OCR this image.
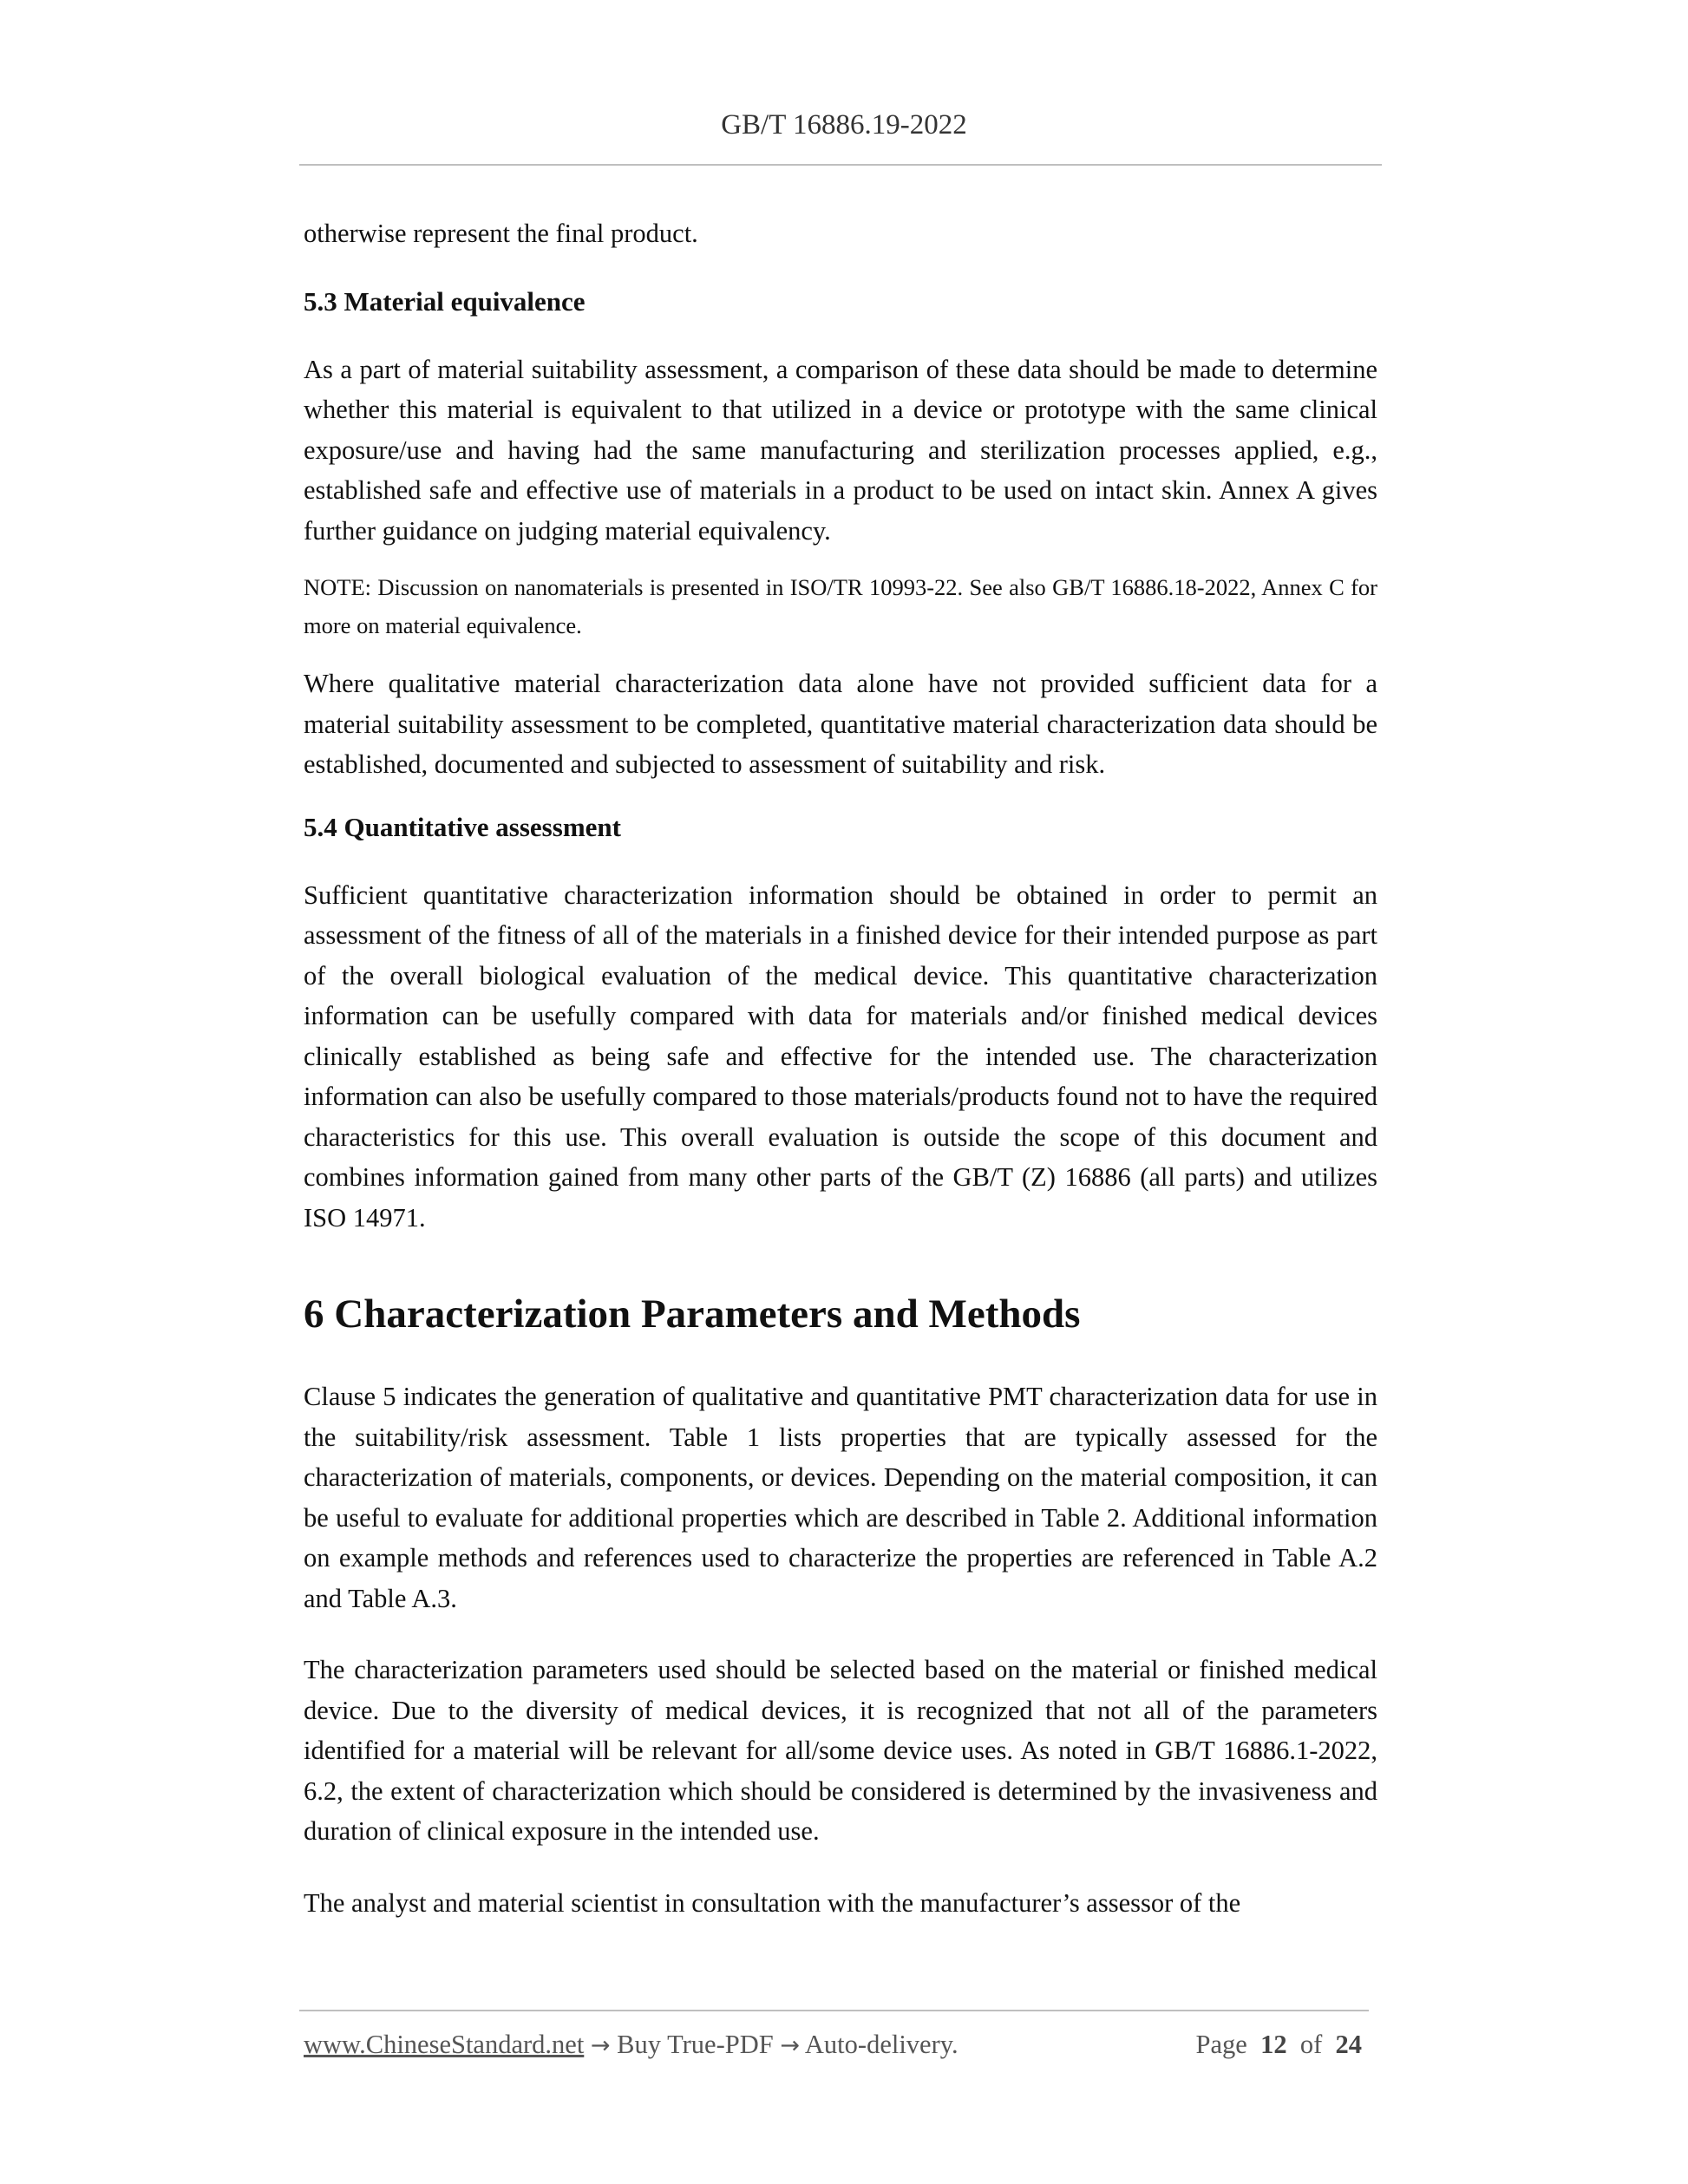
GB/T 16886.19-2022

otherwise represent the final product.

5.3 Material equivalence

As a part of material suitability assessment, a comparison of these data should be made to determine whether this material is equivalent to that utilized in a device or prototype with the same clinical exposure/use and having had the same manufacturing and sterilization processes applied, e.g., established safe and effective use of materials in a product to be used on intact skin. Annex A gives further guidance on judging material equivalency.

NOTE: Discussion on nanomaterials is presented in ISO/TR 10993-22. See also GB/T 16886.18-2022, Annex C for more on material equivalence.

Where qualitative material characterization data alone have not provided sufficient data for a material suitability assessment to be completed, quantitative material characterization data should be established, documented and subjected to assessment of suitability and risk.

5.4 Quantitative assessment

Sufficient quantitative characterization information should be obtained in order to permit an assessment of the fitness of all of the materials in a finished device for their intended purpose as part of the overall biological evaluation of the medical device. This quantitative characterization information can be usefully compared with data for materials and/or finished medical devices clinically established as being safe and effective for the intended use. The characterization information can also be usefully compared to those materials/products found not to have the required characteristics for this use. This overall evaluation is outside the scope of this document and combines information gained from many other parts of the GB/T (Z) 16886 (all parts) and utilizes ISO 14971.

6 Characterization Parameters and Methods

Clause 5 indicates the generation of qualitative and quantitative PMT characterization data for use in the suitability/risk assessment. Table 1 lists properties that are typically assessed for the characterization of materials, components, or devices. Depending on the material composition, it can be useful to evaluate for additional properties which are described in Table 2. Additional information on example methods and references used to characterize the properties are referenced in Table A.2 and Table A.3.

The characterization parameters used should be selected based on the material or finished medical device. Due to the diversity of medical devices, it is recognized that not all of the parameters identified for a material will be relevant for all/some device uses. As noted in GB/T 16886.1-2022, 6.2, the extent of characterization which should be considered is determined by the invasiveness and duration of clinical exposure in the intended use.

The analyst and material scientist in consultation with the manufacturer’s assessor of the

www.ChineseStandard.net → Buy True-PDF → Auto-delivery.	Page 12 of 24
